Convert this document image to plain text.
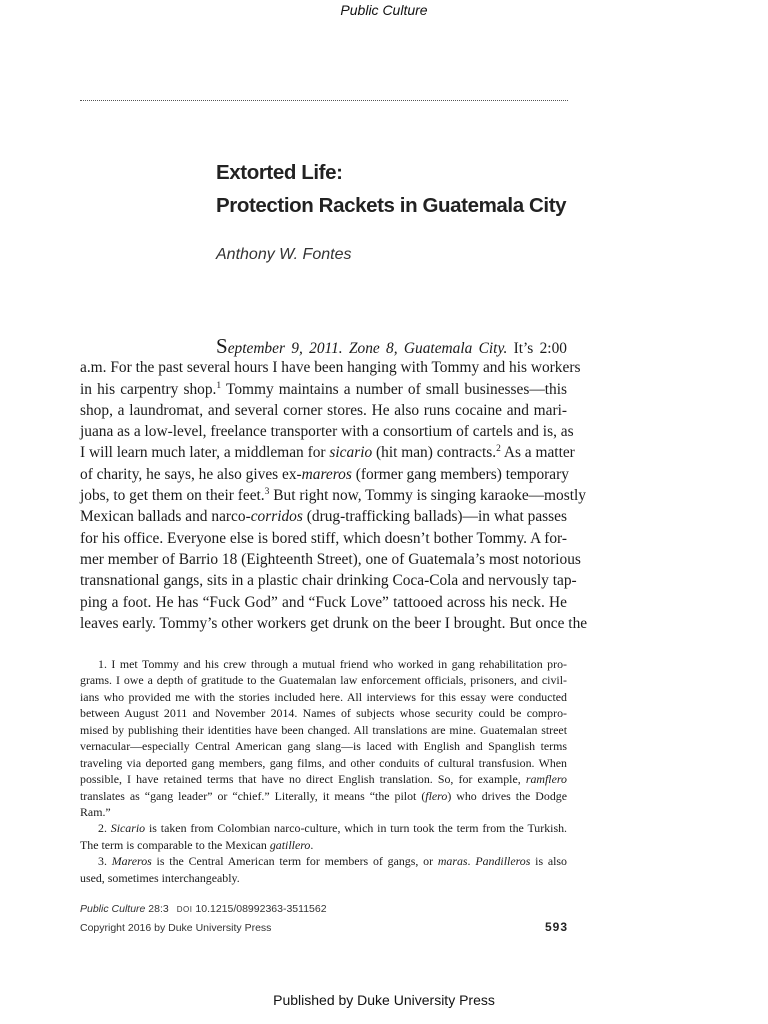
Public Culture
Extorted Life:
Protection Rackets in Guatemala City
Anthony W. Fontes
September 9, 2011. Zone 8, Guatemala City. It’s 2:00
a.m. For the past several hours I have been hanging with Tommy and his workers
in his carpentry shop.$^1$ Tommy maintains a number of small businesses—this
shop, a laundromat, and several corner stores. He also runs cocaine and mari-
juana as a low-level, freelance transporter with a consortium of cartels and is, as
I will learn much later, a middleman for sicario (hit man) contracts.$^2$ As a matter
of charity, he says, he also gives ex-mareros (former gang members) temporary
jobs, to get them on their feet.$^3$ But right now, Tommy is singing karaoke—mostly
Mexican ballads and narco-corridos (drug-trafficking ballads)—in what passes
for his office. Everyone else is bored stiff, which doesn’t bother Tommy. A for-
mer member of Barrio 18 (Eighteenth Street), one of Guatemala’s most notorious
transnational gangs, sits in a plastic chair drinking Coca-Cola and nervously tap-
ping a foot. He has “Fuck God” and “Fuck Love” tattooed across his neck. He
leaves early. Tommy’s other workers get drunk on the beer I brought. But once the
1. I met Tommy and his crew through a mutual friend who worked in gang rehabilitation pro-
grams. I owe a depth of gratitude to the Guatemalan law enforcement officials, prisoners, and civil-
ians who provided me with the stories included here. All interviews for this essay were conducted
between August 2011 and November 2014. Names of subjects whose security could be compro-
mised by publishing their identities have been changed. All translations are mine. Guatemalan street
vernacular—especially Central American gang slang—is laced with English and Spanglish terms
traveling via deported gang members, gang films, and other conduits of cultural transfusion. When
possible, I have retained terms that have no direct English translation. So, for example, ramflero
translates as “gang leader” or “chief.” Literally, it means “the pilot (flero) who drives the Dodge
Ram.”
2. Sicario is taken from Colombian narco-culture, which in turn took the term from the Turkish.
The term is comparable to the Mexican gatillero.
3. Mareros is the Central American term for members of gangs, or maras. Pandilleros is also
used, sometimes interchangeably.
Public Culture 28:3 DOI 10.1215/08992363-3511562
Copyright 2016 by Duke University Press	593
Published by Duke University Press
